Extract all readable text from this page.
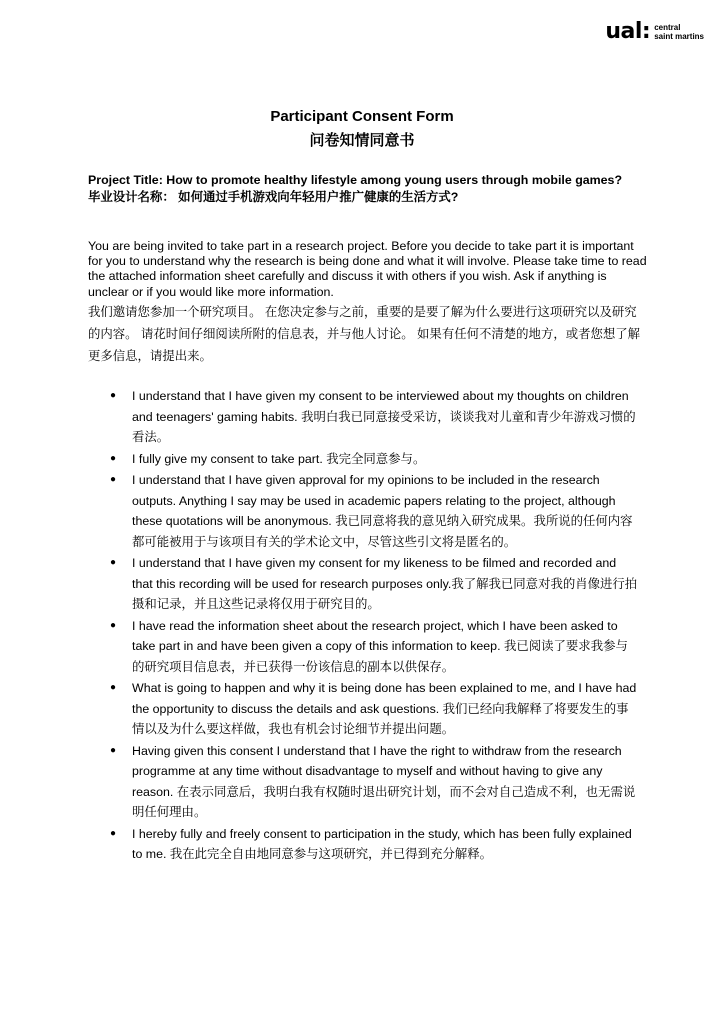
ual: central
saint martins
Participant Consent Form
问卷知情同意书
Project Title: How to promote healthy lifestyle among young users through mobile games?
毕业设计名称： 如何通过手机游戏向年轻用户推广健康的生活方式?
You are being invited to take part in a research project. Before you decide to take part it is important for you to understand why the research is being done and what it will involve. Please take time to read the attached information sheet carefully and discuss it with others if you wish. Ask if anything is unclear or if you would like more information.
我们邀请您参加一个研究项目。 在您决定参与之前，重要的是要了解为什么要进行这项研究以及研究的内容。 请花时间仔细阅读所附的信息表，并与他人讨论。 如果有任何不清楚的地方，或者您想了解更多信息，请提出来。
● I understand that I have given my consent to be interviewed about my thoughts on children and teenagers' gaming habits. 我明白我已同意接受采访，谈谈我对儿童和青少年游戏习惯的看法。
● I fully give my consent to take part. 我完全同意参与。
● I understand that I have given approval for my opinions to be included in the research outputs. Anything I say may be used in academic papers relating to the project, although these quotations will be anonymous. 我已同意将我的意见纳入研究成果。我所说的任何内容都可能被用于与该项目有关的学术论文中，尽管这些引文将是匿名的。
● I understand that I have given my consent for my likeness to be filmed and recorded and that this recording will be used for research purposes only.我了解我已同意对我的肖像进行拍摄和记录，并且这些记录将仅用于研究目的。
● I have read the information sheet about the research project, which I have been asked to take part in and have been given a copy of this information to keep. 我已阅读了要求我参与的研究项目信息表，并已获得一份该信息的副本以供保存。
● What is going to happen and why it is being done has been explained to me, and I have had the opportunity to discuss the details and ask questions. 我们已经向我解释了将要发生的事情以及为什么要这样做，我也有机会讨论细节并提出问题。
● Having given this consent I understand that I have the right to withdraw from the research programme at any time without disadvantage to myself and without having to give any reason. 在表示同意后，我明白我有权随时退出研究计划，而不会对自己造成不利，也无需说明任何理由。
● I hereby fully and freely consent to participation in the study, which has been fully explained to me. 我在此完全自由地同意参与这项研究，并已得到充分解释。
